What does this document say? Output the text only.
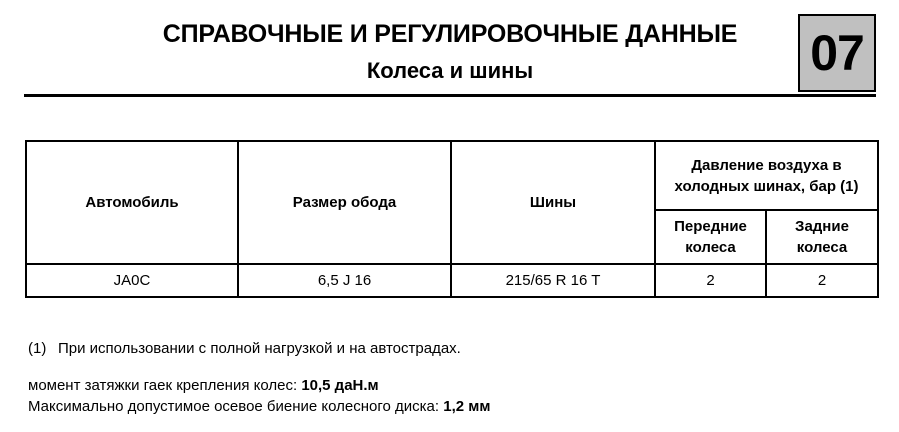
СПРАВОЧНЫЕ И РЕГУЛИРОВОЧНЫЕ ДАННЫЕ
Колеса и шины	07
Автомобиль	Размер обода	Шины	Давление воздуха в холодных шинах, бар (1)	
			Передние колеса	Задние колеса
JA0C	6,5 J 16	215/65 R 16 T	2	2
(1) При использовании с полной нагрузкой и на автострадах.
момент затяжки гаек крепления колес: 10,5 даН.м
Максимально допустимое осевое биение колесного диска: 1,2 мм
